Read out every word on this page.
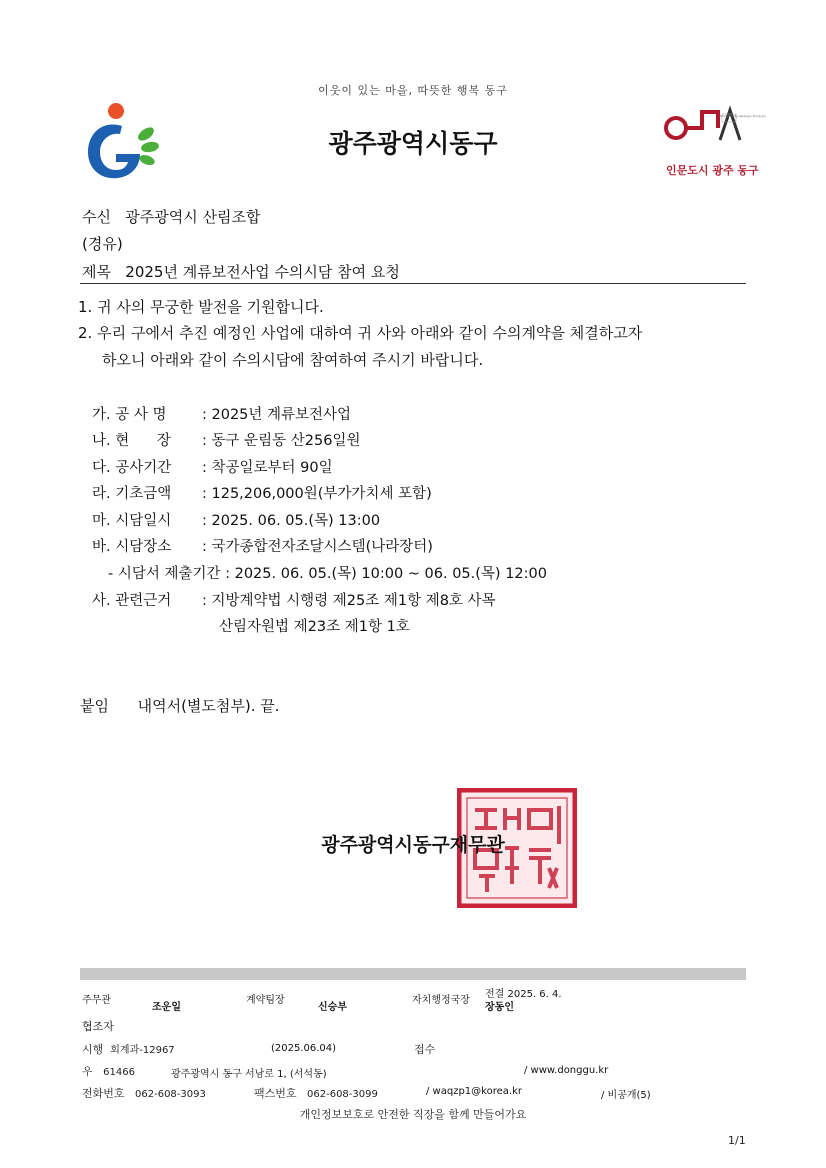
이웃이 있는 마을, 따뜻한 행복 동구
광주광역시동구
인문도시 광주 동구
Human City Gwangju Dong-gu
수신 광주광역시 산림조합
(경유)
제목 2025년 계류보전사업 수의시담 참여 요청
1. 귀 사의 무궁한 발전을 기원합니다.
2. 우리 구에서 추진 예정인 사업에 대하여 귀 사와 아래와 같이 수의계약을 체결하고자
하오니 아래와 같이 수의시담에 참여하여 주시기 바랍니다.
가. 공 사 명 : 2025년 계류보전사업
나. 현      장 : 동구 운림동 산256일원
다. 공사기간 : 착공일로부터 90일
라. 기초금액 : 125,206,000원(부가가치세 포함)
마. 시담일시 : 2025. 06. 05.(목) 13:00
바. 시담장소 : 국가종합전자조달시스템(나라장터)
- 시담서 제출기간 : 2025. 06. 05.(목) 10:00 ~ 06. 05.(목) 12:00
사. 관련근거 : 지방계약법 시행령 제25조 제1항 제8호 사목
산림자원법 제23조 제1항 1호
붙임 내역서(별도첨부). 끝.
광주광역시동구재무관
주무관
조운일
계약팀장
신승부
자치행정국장
전결 2025. 6. 4.
장동인
협조자
시행 회계과-12967	(2025.06.04)	접수
우 61466	광주광역시 동구 서남로 1, (서석동)	/ www.donggu.kr
전화번호 062-608-3093	팩스번호 062-608-3099	/ waqzp1@korea.kr	/ 비공개(5)
개인정보보호로 안전한 직장을 함께 만들어가요
1/1
